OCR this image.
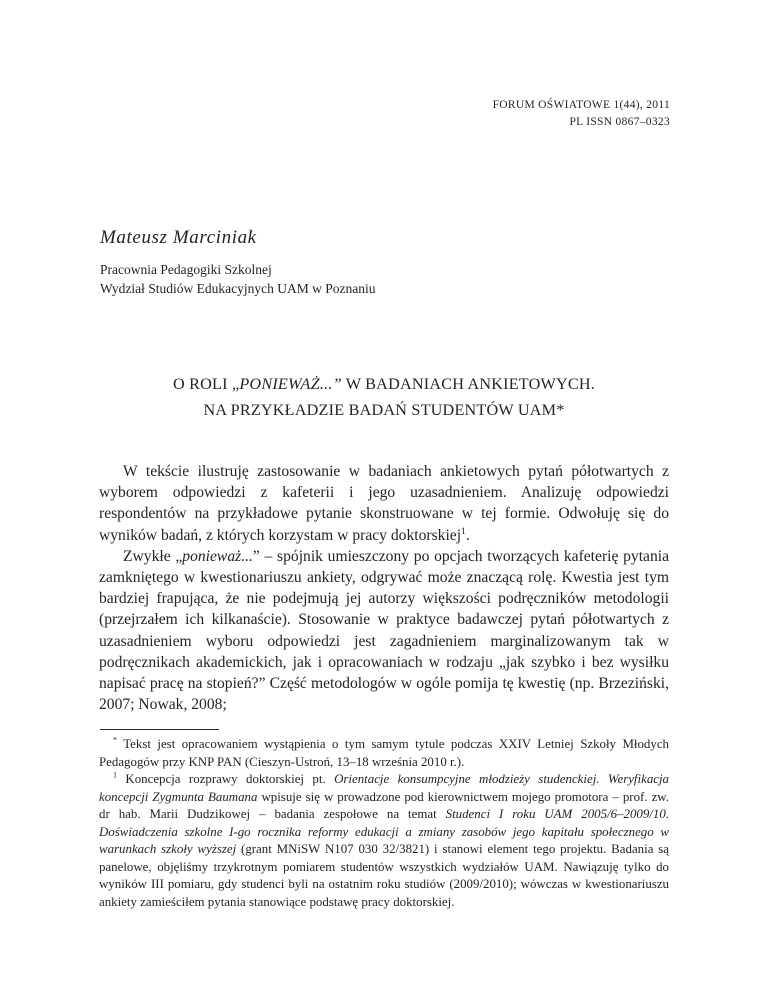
FORUM OŚWIATOWE 1(44), 2011
PL ISSN 0867–0323
Mateusz Marciniak
Pracownia Pedagogiki Szkolnej
Wydział Studiów Edukacyjnych UAM w Poznaniu
O ROLI „PONIEWAŻ...” W BADANIACH ANKIETOWYCH.
NA PRZYKŁADZIE BADAŃ STUDENTÓW UAM*

W tekście ilustruję zastosowanie w badaniach ankietowych pytań półotwartych z wyborem odpowiedzi z kafeterii i jego uzasadnieniem. Analizuję odpowiedzi respondentów na przykładowe pytanie skonstruowane w tej formie. Odwołuję się do wyników badań, z których korzystam w pracy doktorskiej$^1$.

Zwykłe „ponieważ...” – spójnik umieszczony po opcjach tworzących kafeterię pytania zamkniętego w kwestionariuszu ankiety, odgrywać może znaczącą rolę. Kwestia jest tym bardziej frapująca, że nie podejmują jej autorzy większości podręczników metodologii (przejrzałem ich kilkanaście). Stosowanie w praktyce badawczej pytań półotwartych z uzasadnieniem wyboru odpowiedzi jest zagadnieniem marginalizowanym tak w podręcznikach akademickich, jak i opracowaniach w rodzaju „jak szybko i bez wysiłku napisać pracę na stopień?” Część metodologów w ogóle pomija tę kwestię (np. Brzeziński, 2007; Nowak, 2008;

* Tekst jest opracowaniem wystąpienia o tym samym tytule podczas XXIV Letniej Szkoły Młodych Pedagogów przy KNP PAN (Cieszyn-Ustroń, 13–18 września 2010 r.).

$^1$ Koncepcja rozprawy doktorskiej pt. Orientacje konsumpcyjne młodzieży studenckiej. Weryfikacja koncepcji Zygmunta Baumana wpisuje się w prowadzone pod kierownictwem mojego promotora – prof. zw. dr hab. Marii Dudzikowej – badania zespołowe na temat Studenci I roku UAM 2005/6–2009/10. Doświadczenia szkolne I-go rocznika reformy edukacji a zmiany zasobów jego kapitału społecznego w warunkach szkoły wyższej (grant MNiSW N107 030 32/3821) i stanowi element tego projektu. Badania są panelowe, objęliśmy trzykrotnym pomiarem studentów wszystkich wydziałów UAM. Nawiązuję tylko do wyników III pomiaru, gdy studenci byli na ostatnim roku studiów (2009/2010); wówczas w kwestionariuszu ankiety zamieściłem pytania stanowiące podstawę pracy doktorskiej.
